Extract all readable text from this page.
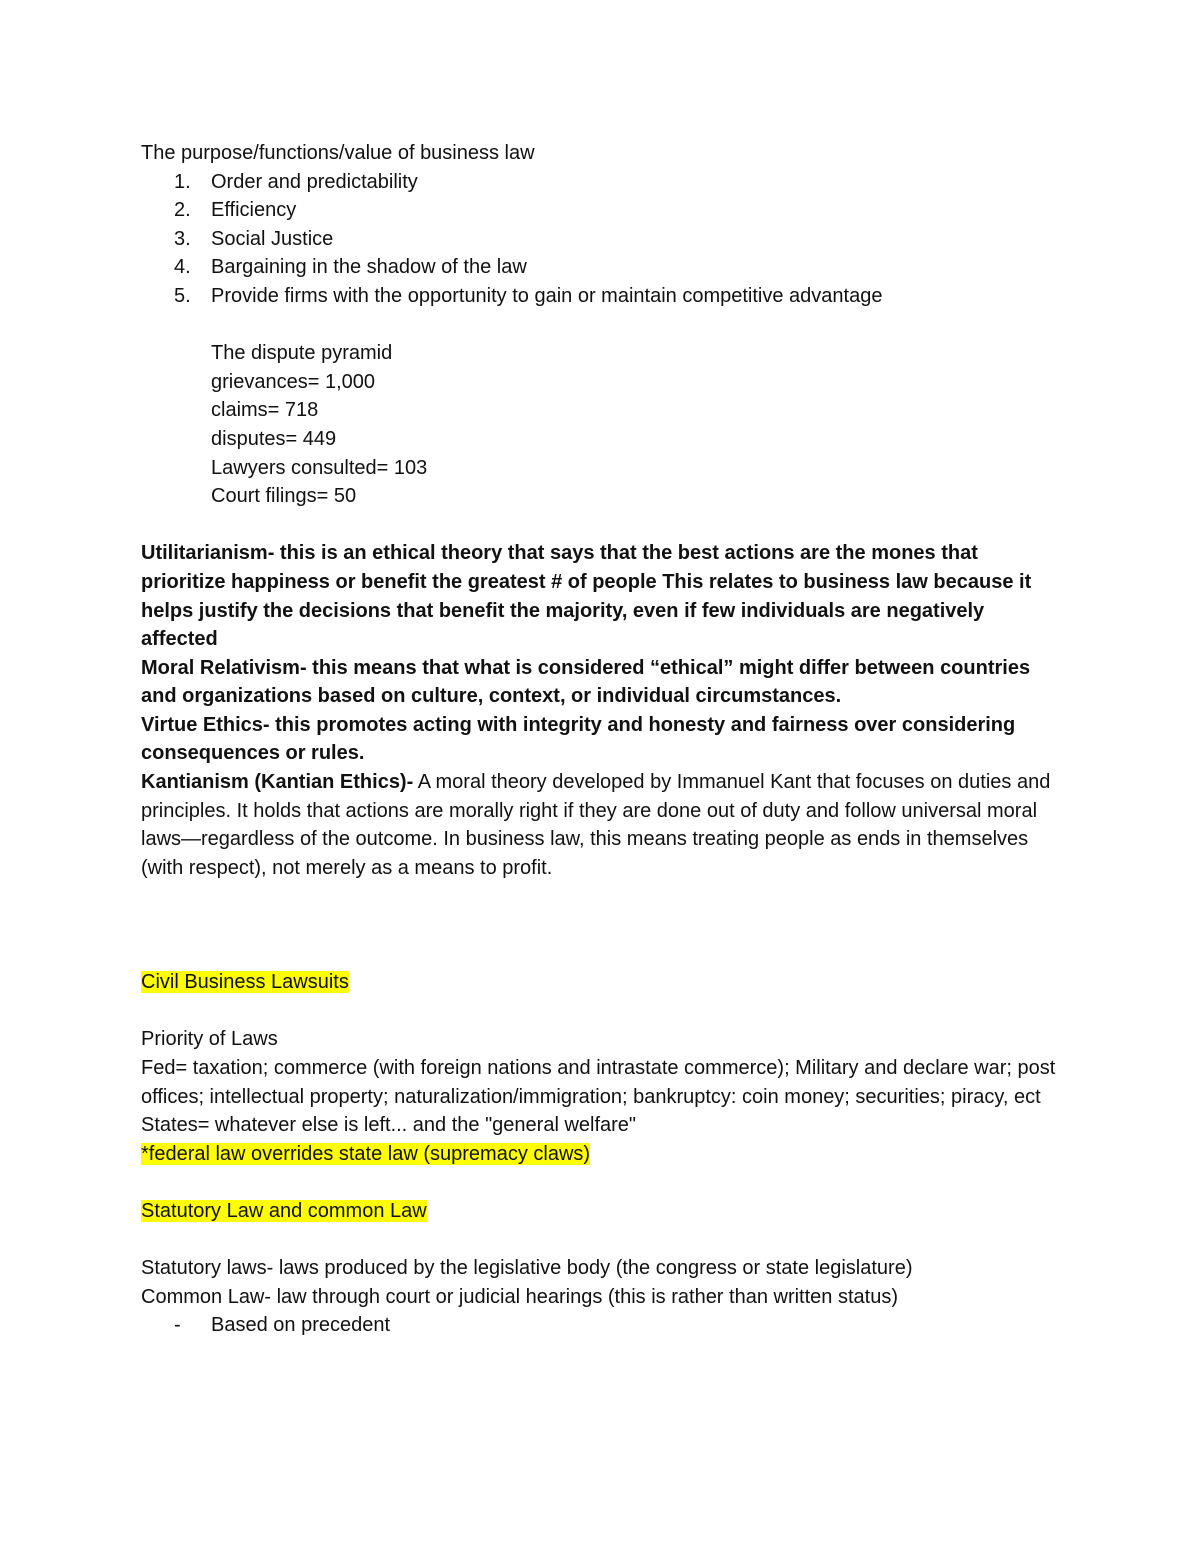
The purpose/functions/value of business law

1.	Order and predictability
2.	Efficiency
3.	Social Justice
4.	Bargaining in the shadow of the law
5.	Provide firms with the opportunity to gain or maintain competitive advantage

The dispute pyramid

grievances= 1,000

claims= 718

disputes= 449

Lawyers consulted= 103

Court filings= 50

Utilitarianism- this is an ethical theory that says that the best actions are the mones that prioritize happiness or benefit the greatest # of people This relates to business law because it helps justify the decisions that benefit the majority, even if few individuals are negatively affected

Moral Relativism- this means that what is considered “ethical” might differ between countries and organizations based on culture, context, or individual circumstances.

Virtue Ethics- this promotes acting with integrity and honesty and fairness over considering consequences or rules.

Kantianism (Kantian Ethics)- A moral theory developed by Immanuel Kant that focuses on duties and principles. It holds that actions are morally right if they are done out of duty and follow universal moral laws—regardless of the outcome. In business law, this means treating people as ends in themselves (with respect), not merely as a means to profit.

Civil Business Lawsuits

Priority of Laws

Fed= taxation; commerce (with foreign nations and intrastate commerce); Military and declare war; post offices; intellectual property; naturalization/immigration; bankruptcy: coin money; securities; piracy, ect

States= whatever else is left... and the "general welfare"

*federal law overrides state law (supremacy claws)

Statutory Law and common Law

Statutory laws- laws produced by the legislative body (the congress or state legislature)

Common Law- law through court or judicial hearings (this is rather than written status)

-	Based on precedent
